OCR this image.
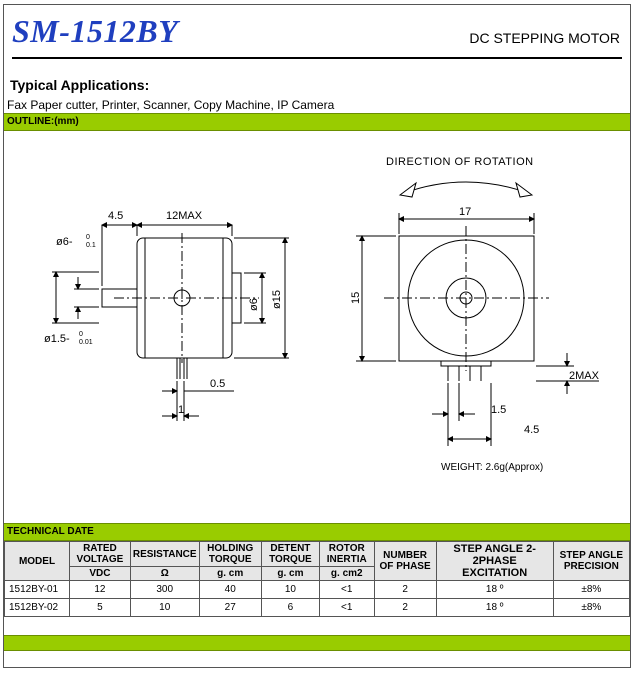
SM-1512BY	DC STEPPING MOTOR
Typical Applications:
Fax Paper cutter, Printer, Scanner, Copy Machine, IP Camera
OUTLINE:(mm)
4.5	12MAX
ø6- 0
0.1
ø1.5- 0
0.01
ø6 ø15
0.5
1
DIRECTION OF ROTATION
17
15
1.5
4.5
2MAX
WEIGHT: 2.6g(Approx)
TECHNICAL DATE
MODEL	RATED VOLTAGE	RESISTANCE	HOLDING TORQUE	DETENT TORQUE	ROTOR INERTIA	NUMBER OF PHASE	STEP ANGLE 2-2PHASE EXCITATION	STEP ANGLE PRECISION
	VDC	Ω	g. cm	g. cm	g. cm2			
1512BY-01	12	300	40	10	<1	2	18 º	±8%
1512BY-02	5	10	27	6	<1	2	18 º	±8%
